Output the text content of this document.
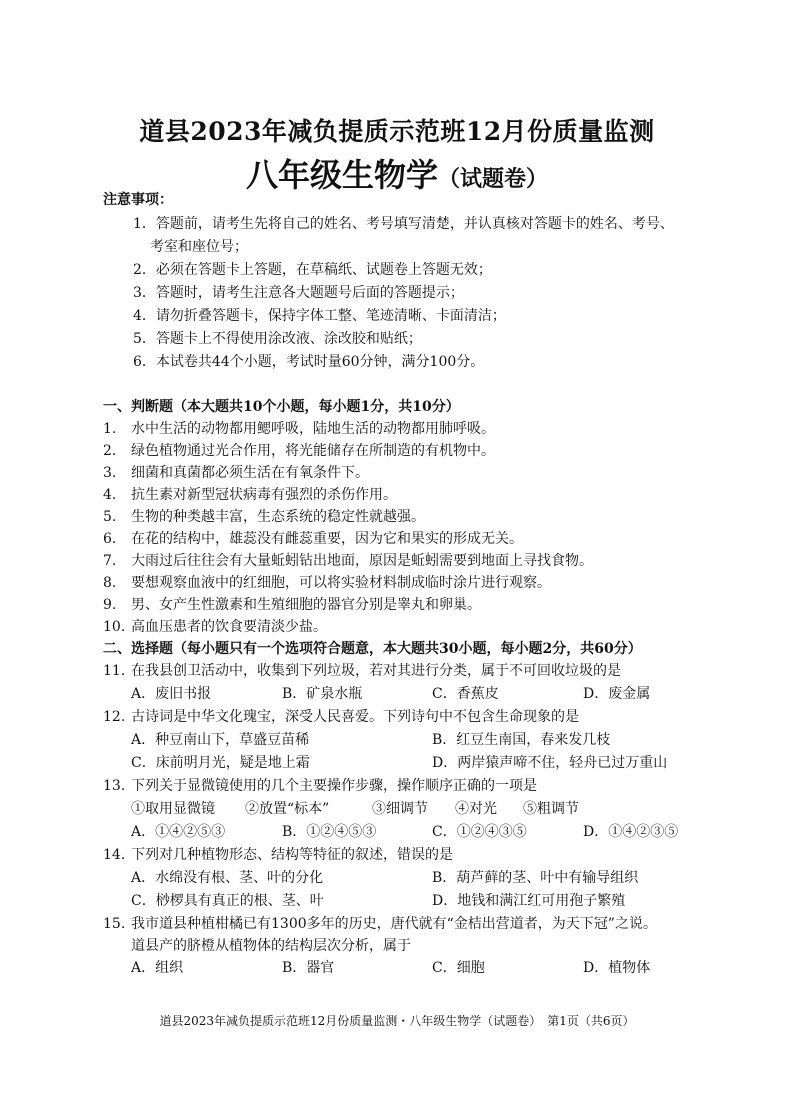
道县2023年减负提质示范班12月份质量监测
八年级生物学（试题卷）
注意事项：
1．答题前，请考生先将自己的姓名、考号填写清楚，并认真核对答题卡的姓名、考号、
考室和座位号；
2．必须在答题卡上答题，在草稿纸、试题卷上答题无效；
3．答题时，请考生注意各大题题号后面的答题提示；
4．请勿折叠答题卡，保持字体工整、笔迹清晰、卡面清洁；
5．答题卡上不得使用涂改液、涂改胶和贴纸；
6．本试卷共44个小题，考试时量60分钟，满分100分。
一、判断题（本大题共10个小题，每小题1分，共10分）
1. 水中生活的动物都用鳃呼吸，陆地生活的动物都用肺呼吸。
2. 绿色植物通过光合作用，将光能储存在所制造的有机物中。
3. 细菌和真菌都必须生活在有氧条件下。
4. 抗生素对新型冠状病毒有强烈的杀伤作用。
5. 生物的种类越丰富，生态系统的稳定性就越强。
6. 在花的结构中，雄蕊没有雌蕊重要，因为它和果实的形成无关。
7. 大雨过后往往会有大量蚯蚓钻出地面，原因是蚯蚓需要到地面上寻找食物。
8. 要想观察血液中的红细胞，可以将实验材料制成临时涂片进行观察。
9. 男、女产生性激素和生殖细胞的器官分别是睾丸和卵巢。
10. 高血压患者的饮食要清淡少盐。
二、选择题（每小题只有一个选项符合题意，本大题共30小题，每小题2分，共60分）
11. 在我县创卫活动中，收集到下列垃圾，若对其进行分类，属于不可回收垃圾的是
A．废旧书报	B．矿泉水瓶	C．香蕉皮	D．废金属
12. 古诗词是中华文化瑰宝，深受人民喜爱。下列诗句中不包含生命现象的是
A．种豆南山下，草盛豆苗稀	B．红豆生南国，春来发几枝
C．床前明月光，疑是地上霜	D．两岸猿声啼不住，轻舟已过万重山
13. 下列关于显微镜使用的几个主要操作步骤，操作顺序正确的一项是
①取用显微镜 ②放置“标本”	③细调节 ④对光 ⑤粗调节
A．①④②⑤③	B．①②④⑤③	C．①②④③⑤	D．①④②③⑤
14. 下列对几种植物形态、结构等特征的叙述，错误的是
A．水绵没有根、茎、叶的分化	B．葫芦藓的茎、叶中有输导组织
C．桫椤具有真正的根、茎、叶	D．地钱和满江红可用孢子繁殖
15. 我市道县种植柑橘已有1300多年的历史，唐代就有“金桔出营道者，为天下冠”之说。
道县产的脐橙从植物体的结构层次分析，属于
A．组织	B．器官	C．细胞	D．植物体
道县2023年减负提质示范班12月份质量监测・八年级生物学（试题卷）　第1页（共6页）
